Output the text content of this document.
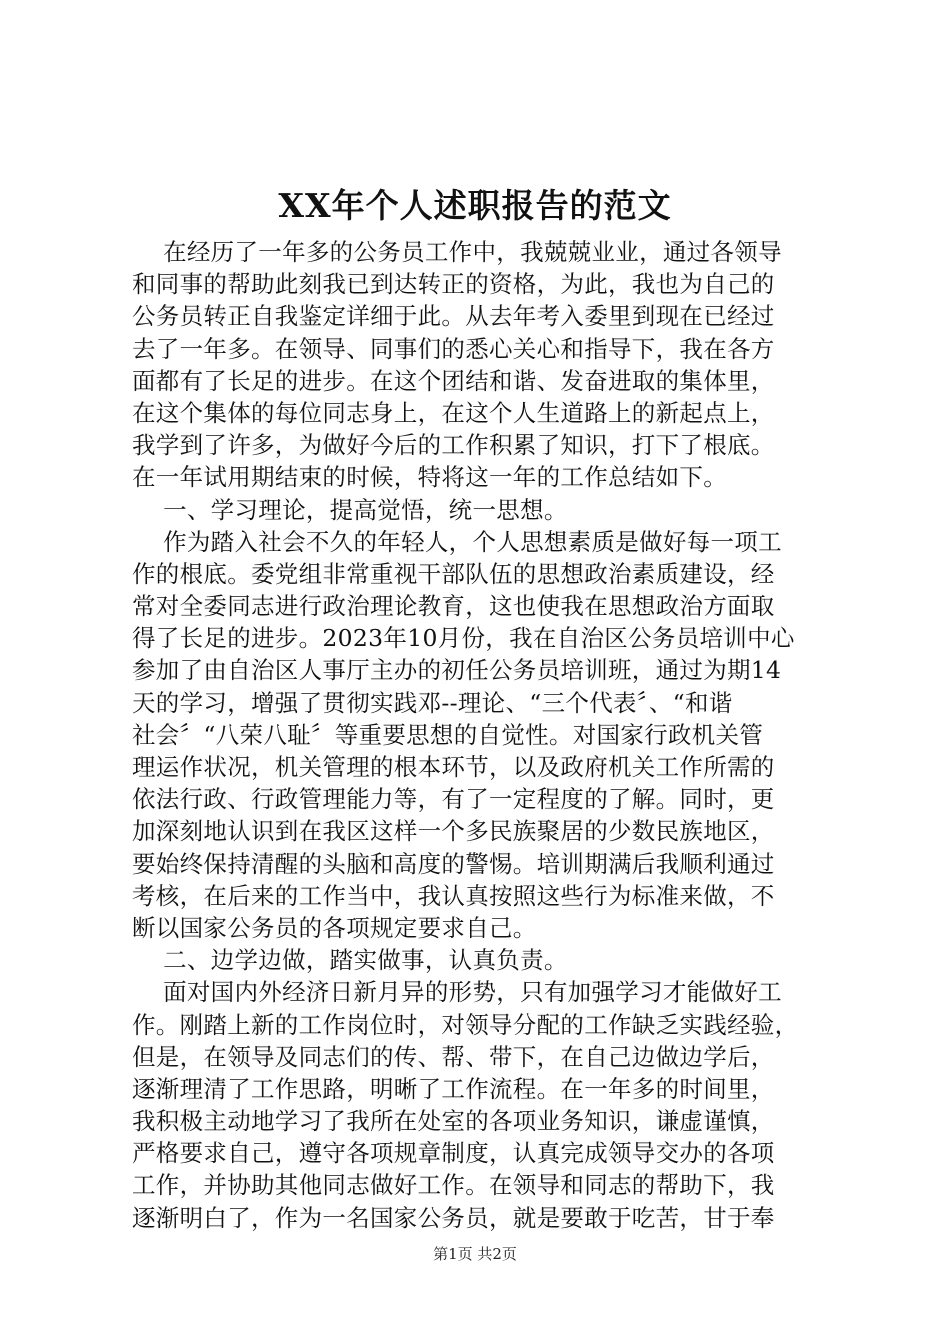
XX年个人述职报告的范文
在经历了一年多的公务员工作中，我兢兢业业，通过各领导
和同事的帮助此刻我已到达转正的资格，为此，我也为自己的
公务员转正自我鉴定详细于此。从去年考入委里到现在已经过
去了一年多。在领导、同事们的悉心关心和指导下，我在各方
面都有了长足的进步。在这个团结和谐、发奋进取的集体里，
在这个集体的每位同志身上，在这个人生道路上的新起点上，
我学到了许多，为做好今后的工作积累了知识，打下了根底。
在一年试用期结束的时候，特将这一年的工作总结如下。
一、学习理论，提高觉悟，统一思想。
作为踏入社会不久的年轻人，个人思想素质是做好每一项工
作的根底。委党组非常重视干部队伍的思想政治素质建设，经
常对全委同志进行政治理论教育，这也使我在思想政治方面取
得了长足的进步。2023年10月份，我在自治区公务员培训中心
参加了由自治区人事厅主办的初任公务员培训班，通过为期14
天的学习，增强了贯彻实践邓--理论、“三个代表〞、“和谐
社会〞“八荣八耻〞等重要思想的自觉性。对国家行政机关管
理运作状况，机关管理的根本环节，以及政府机关工作所需的
依法行政、行政管理能力等，有了一定程度的了解。同时，更
加深刻地认识到在我区这样一个多民族聚居的少数民族地区，
要始终保持清醒的头脑和高度的警惕。培训期满后我顺利通过
考核，在后来的工作当中，我认真按照这些行为标准来做，不
断以国家公务员的各项规定要求自己。
二、边学边做，踏实做事，认真负责。
面对国内外经济日新月异的形势，只有加强学习才能做好工
作。刚踏上新的工作岗位时，对领导分配的工作缺乏实践经验，
但是，在领导及同志们的传、帮、带下，在自己边做边学后，
逐渐理清了工作思路，明晰了工作流程。在一年多的时间里，
我积极主动地学习了我所在处室的各项业务知识，谦虚谨慎，
严格要求自己，遵守各项规章制度，认真完成领导交办的各项
工作，并协助其他同志做好工作。在领导和同志的帮助下，我
逐渐明白了，作为一名国家公务员，就是要敢于吃苦，甘于奉
第1页 共2页
